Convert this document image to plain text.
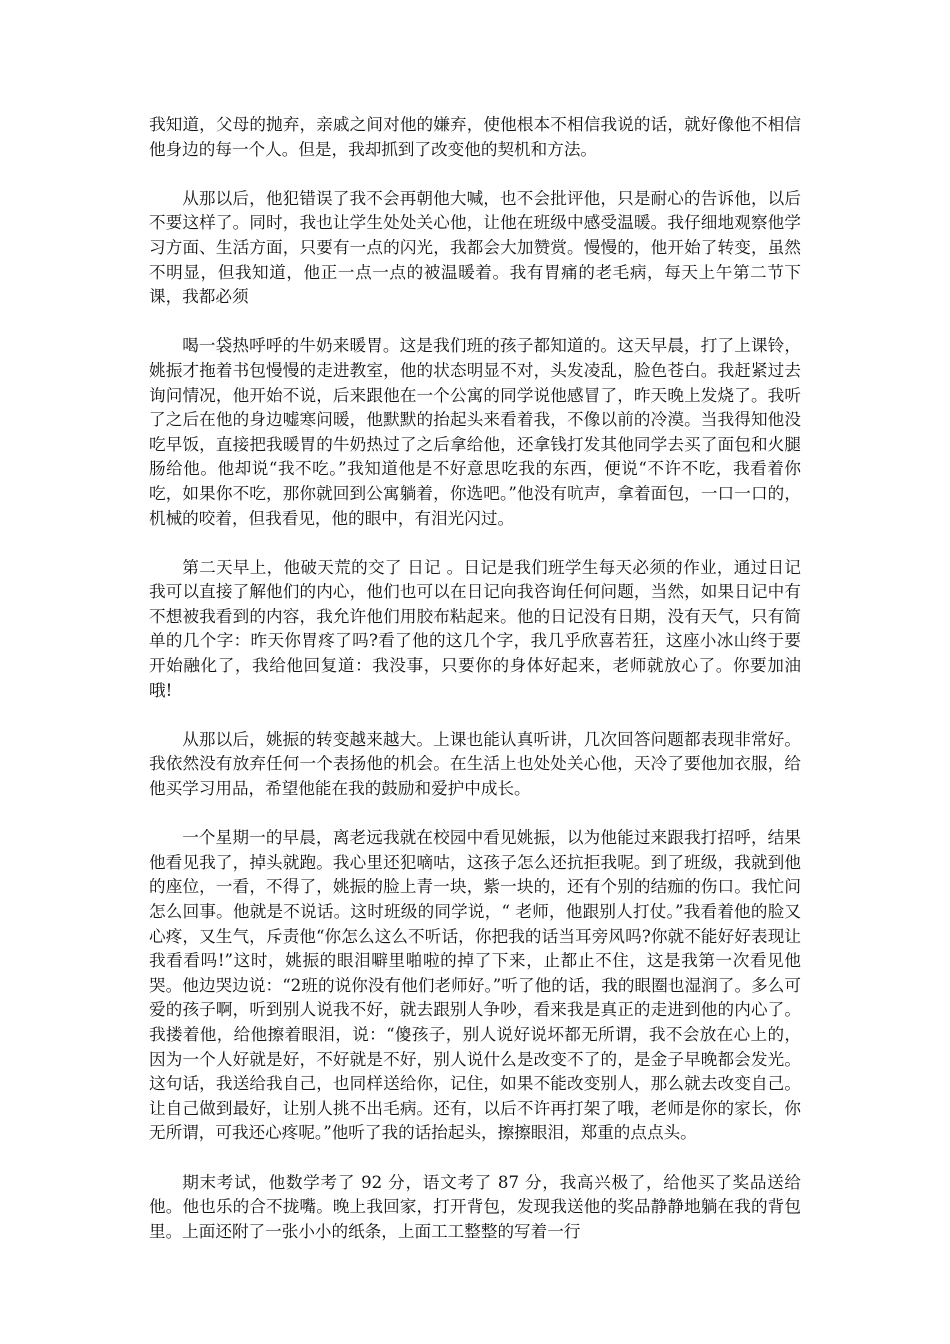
我知道，父母的抛弃，亲戚之间对他的嫌弃，使他根本不相信我说的话，就好像他不相信他身边的每一个人。但是，我却抓到了改变他的契机和方法。

从那以后，他犯错误了我不会再朝他大喊，也不会批评他，只是耐心的告诉他，以后不要这样了。同时，我也让学生处处关心他，让他在班级中感受温暖。我仔细地观察他学习方面、生活方面，只要有一点的闪光，我都会大加赞赏。慢慢的，他开始了转变，虽然不明显，但我知道，他正一点一点的被温暖着。我有胃痛的老毛病，每天上午第二节下课，我都必须

喝一袋热呼呼的牛奶来暖胃。这是我们班的孩子都知道的。这天早晨，打了上课铃，姚振才拖着书包慢慢的走进教室，他的状态明显不对，头发凌乱，脸色苍白。我赶紧过去询问情况，他开始不说，后来跟他在一个公寓的同学说他感冒了，昨天晚上发烧了。我听了之后在他的身边嘘寒问暖，他默默的抬起头来看着我，不像以前的冷漠。当我得知他没吃早饭，直接把我暖胃的牛奶热过了之后拿给他，还拿钱打发其他同学去买了面包和火腿肠给他。他却说“我不吃。”我知道他是不好意思吃我的东西，便说“不许不吃，我看着你吃，如果你不吃，那你就回到公寓躺着，你选吧。”他没有吭声，拿着面包，一口一口的，机械的咬着，但我看见，他的眼中，有泪光闪过。

第二天早上，他破天荒的交了 日记 。日记是我们班学生每天必须的作业，通过日记我可以直接了解他们的内心，他们也可以在日记向我咨询任何问题，当然，如果日记中有不想被我看到的内容，我允许他们用胶布粘起来。他的日记没有日期，没有天气，只有简单的几个字：昨天你胃疼了吗?看了他的这几个字，我几乎欣喜若狂，这座小冰山终于要开始融化了，我给他回复道：我没事，只要你的身体好起来，老师就放心了。你要加油哦!

从那以后，姚振的转变越来越大。上课也能认真听讲，几次回答问题都表现非常好。我依然没有放弃任何一个表扬他的机会。在生活上也处处关心他，天冷了要他加衣服，给他买学习用品，希望他能在我的鼓励和爱护中成长。

一个星期一的早晨，离老远我就在校园中看见姚振，以为他能过来跟我打招呼，结果他看见我了，掉头就跑。我心里还犯嘀咕，这孩子怎么还抗拒我呢。到了班级，我就到他的座位，一看，不得了，姚振的脸上青一块，紫一块的，还有个别的结痂的伤口。我忙问怎么回事。他就是不说话。这时班级的同学说，“ 老师，他跟别人打仗。”我看着他的脸又心疼，又生气，斥责他“你怎么这么不听话，你把我的话当耳旁风吗?你就不能好好表现让我看看吗!”这时，姚振的眼泪噼里啪啦的掉了下来，止都止不住，这是我第一次看见他哭。他边哭边说：“2班的说你没有他们老师好。”听了他的话，我的眼圈也湿润了。多么可爱的孩子啊，听到别人说我不好，就去跟别人争吵，看来我是真正的走进到他的内心了。我搂着他，给他擦着眼泪，说：“傻孩子，别人说好说坏都无所谓，我不会放在心上的，因为一个人好就是好，不好就是不好，别人说什么是改变不了的，是金子早晚都会发光。这句话，我送给我自己，也同样送给你，记住，如果不能改变别人，那么就去改变自己。让自己做到最好，让别人挑不出毛病。还有，以后不许再打架了哦，老师是你的家长，你无所谓，可我还心疼呢。”他听了我的话抬起头，擦擦眼泪，郑重的点点头。

期末考试，他数学考了 92 分，语文考了 87 分，我高兴极了，给他买了奖品送给他。他也乐的合不拢嘴。晚上我回家，打开背包，发现我送他的奖品静静地躺在我的背包里。上面还附了一张小小的纸条，上面工工整整的写着一行
